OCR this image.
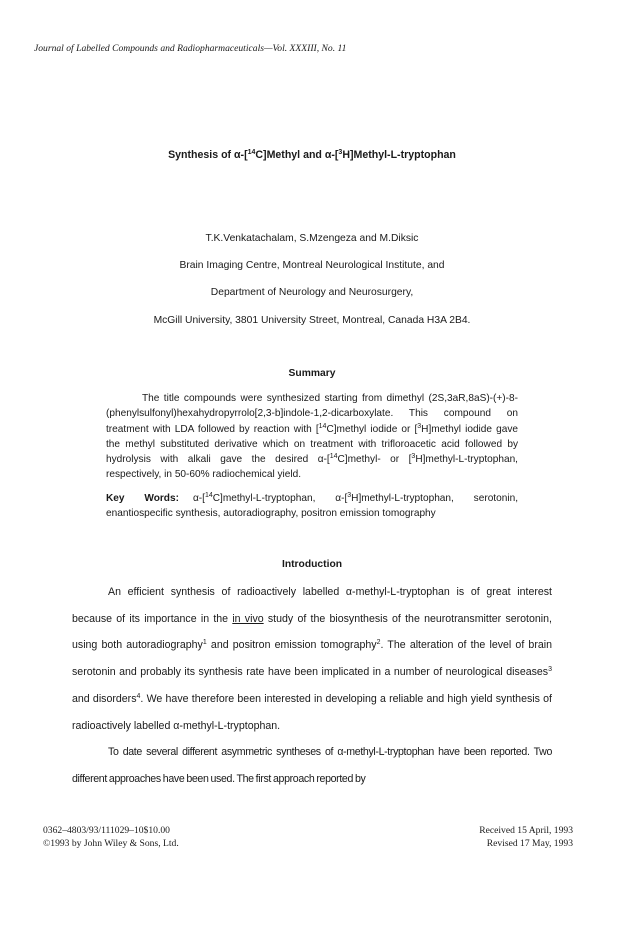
Journal of Labelled Compounds and Radiopharmaceuticals—Vol. XXXIII, No. 11
Synthesis of α-[$^{14}$C]Methyl and α-[$^3$H]Methyl-L-tryptophan
T.K.Venkatachalam, S.Mzengeza and M.Diksic
Brain Imaging Centre, Montreal Neurological Institute, and
Department of Neurology and Neurosurgery,
McGill University, 3801 University Street, Montreal, Canada H3A 2B4.
Summary

The title compounds were synthesized starting from dimethyl (2S,3aR,8aS)-(+)-8-(phenylsulfonyl)hexahydropyrrolo[2,3-b]indole-1,2-dicarboxylate. This compound on treatment with LDA followed by reaction with [$^{14}$C]methyl iodide or [$^3$H]methyl iodide gave the methyl substituted derivative which on treatment with trifloroacetic acid followed by hydrolysis with alkali gave the desired α-[$^{14}$C]methyl- or [$^3$H]methyl-L-tryptophan, respectively, in 50-60% radiochemical yield.

Key Words: α-[$^{14}$C]methyl-L-tryptophan, α-[$^3$H]methyl-L-tryptophan, serotonin, enantiospecific synthesis, autoradiography, positron emission tomography

Introduction

An efficient synthesis of radioactively labelled α-methyl-L-tryptophan is of great interest because of its importance in the in vivo study of the biosynthesis of the neurotransmitter serotonin, using both autoradiography$^1$ and positron emission tomography$^2$. The alteration of the level of brain serotonin and probably its synthesis rate have been implicated in a number of neurological diseases$^3$ and disorders$^4$. We have therefore been interested in developing a reliable and high yield synthesis of radioactively labelled α-methyl-L-tryptophan.

To date several different asymmetric syntheses of α-methyl-L-tryptophan have been reported. Two different approaches have been used. The first approach reported by

0362–4803/93/111029–10$10.00
©1993 by John Wiley & Sons, Ltd.
Received 15 April, 1993
Revised 17 May, 1993
